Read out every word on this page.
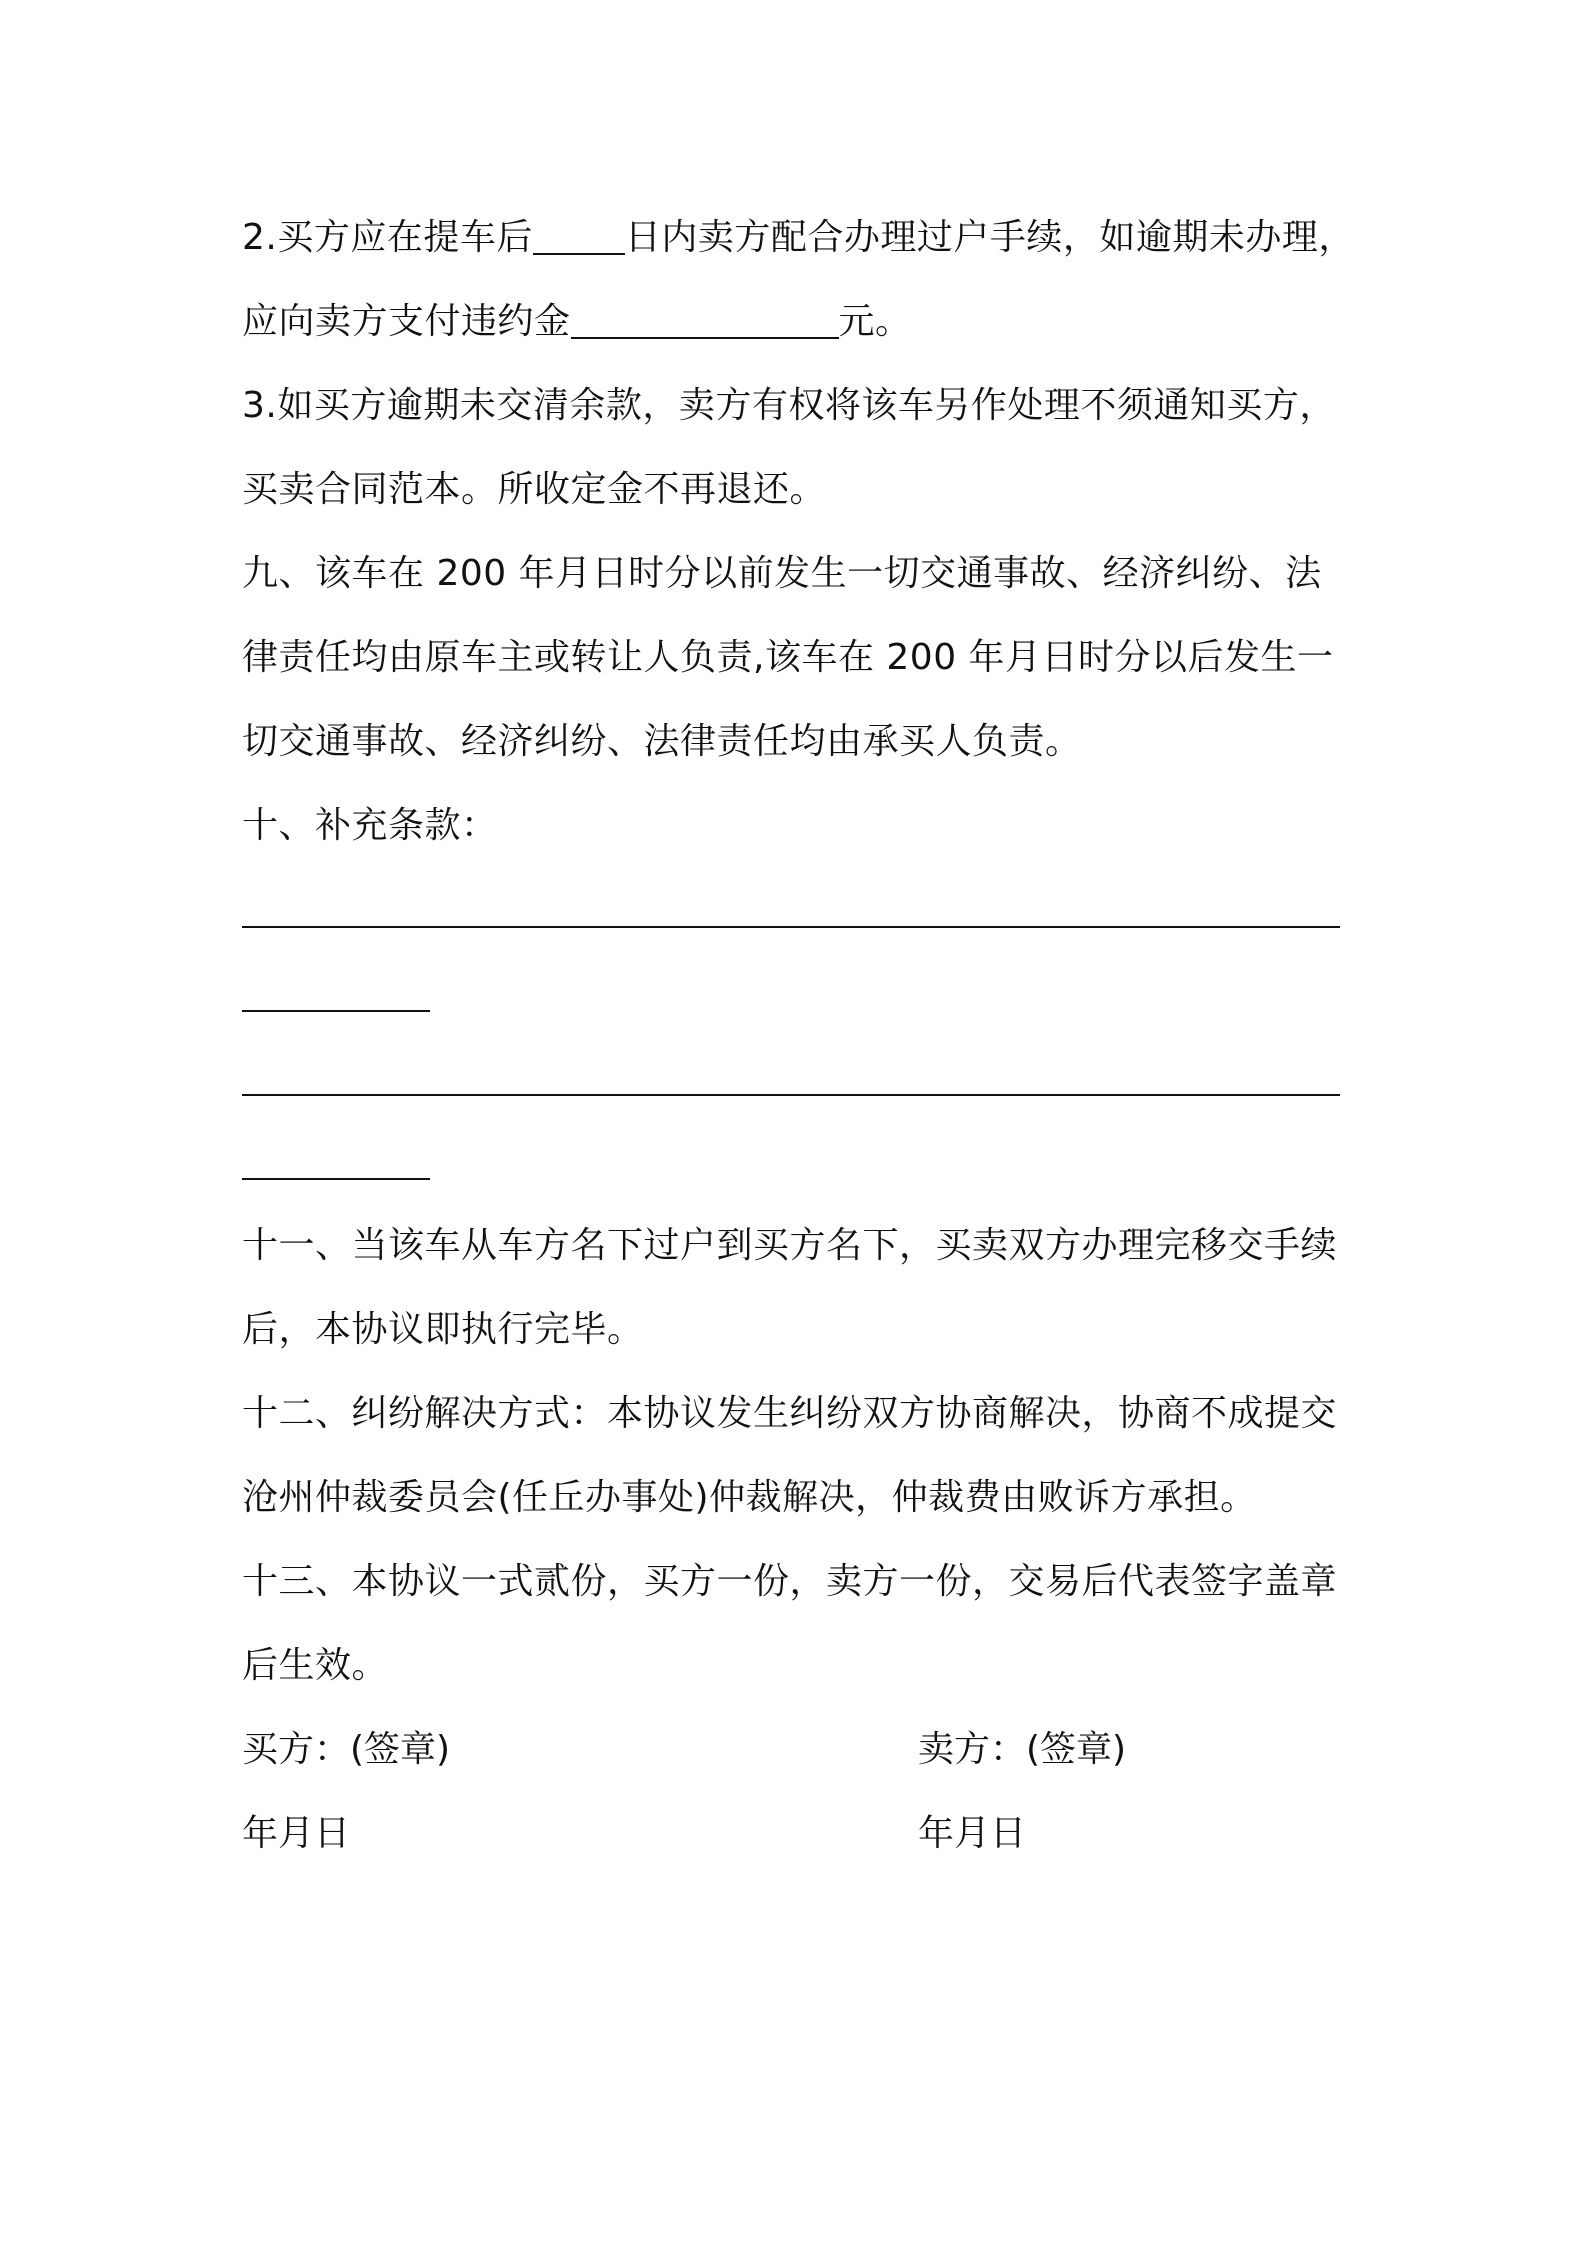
2.买方应在提车后	日内卖方配合办理过户手续，如逾期未办理，
应向卖方支付违约金	元。
3.如买方逾期未交清余款，卖方有权将该车另作处理不须通知买方，
买卖合同范本。所收定金不再退还。
九、该车在 200 年月日时分以前发生一切交通事故、经济纠纷、法
律责任均由原车主或转让人负责,该车在 200 年月日时分以后发生一
切交通事故、经济纠纷、法律责任均由承买人负责。
十、补充条款：
十一、当该车从车方名下过户到买方名下，买卖双方办理完移交手续
后，本协议即执行完毕。
十二、纠纷解决方式：本协议发生纠纷双方协商解决，协商不成提交
沧州仲裁委员会(任丘办事处)仲裁解决，仲裁费由败诉方承担。
十三、本协议一式贰份，买方一份，卖方一份，交易后代表签字盖章
后生效。
买方：(签章)	卖方：(签章)
年月日	年月日
